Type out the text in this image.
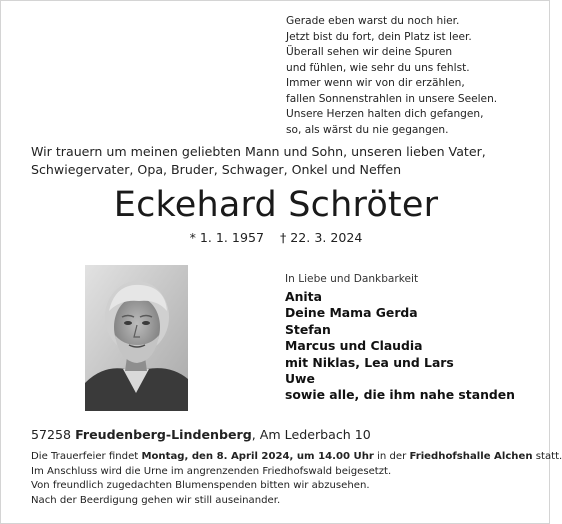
Gerade eben warst du noch hier.
Jetzt bist du fort, dein Platz ist leer.
Überall sehen wir deine Spuren
und fühlen, wie sehr du uns fehlst.
Immer wenn wir von dir erzählen,
fallen Sonnenstrahlen in unsere Seelen.
Unsere Herzen halten dich gefangen,
so, als wärst du nie gegangen.
Wir trauern um meinen geliebten Mann und Sohn, unseren lieben Vater,
Schwiegervater, Opa, Bruder, Schwager, Onkel und Neffen
Eckehard Schröter
* 1. 1. 1957 † 22. 3. 2024
In Liebe und Dankbarkeit
Anita
Deine Mama Gerda
Stefan
Marcus und Claudia
mit Niklas, Lea und Lars
Uwe
sowie alle, die ihm nahe standen
57258 Freudenberg-Lindenberg, Am Lederbach 10
Die Trauerfeier findet Montag, den 8. April 2024, um 14.00 Uhr in der Friedhofshalle Alchen statt.
Im Anschluss wird die Urne im angrenzenden Friedhofswald beigesetzt.
Von freundlich zugedachten Blumenspenden bitten wir abzusehen.
Nach der Beerdigung gehen wir still auseinander.
